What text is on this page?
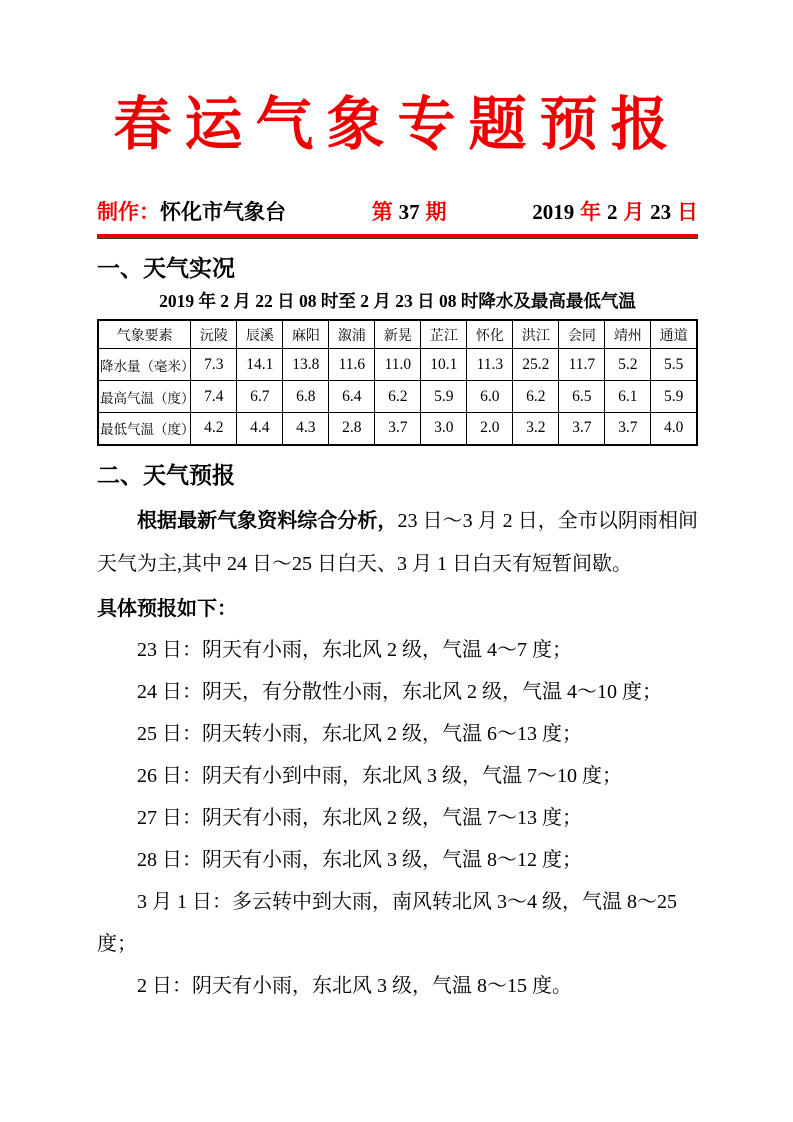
春运气象专题预报
制作：怀化市气象台	第 37 期	2019 年 2 月 23 日
一、天气实况
2019 年 2 月 22 日 08 时至 2 月 23 日 08 时降水及最高最低气温
气象要素	沅陵	辰溪	麻阳	溆浦	新晃	芷江	怀化	洪江	会同	靖州	通道
降水量（毫米）	7.3	14.1	13.8	11.6	11.0	10.1	11.3	25.2	11.7	5.2	5.5
最高气温（度）	7.4	6.7	6.8	6.4	6.2	5.9	6.0	6.2	6.5	6.1	5.9
最低气温（度）	4.2	4.4	4.3	2.8	3.7	3.0	2.0	3.2	3.7	3.7	4.0
二、天气预报

根据最新气象资料综合分析，23 日～3 月 2 日，全市以阴雨相间天气为主,其中 24 日～25 日白天、3 月 1 日白天有短暂间歇。

具体预报如下：

23 日：阴天有小雨，东北风 2 级，气温 4～7 度；

24 日：阴天，有分散性小雨，东北风 2 级，气温 4～10 度；

25 日：阴天转小雨，东北风 2 级，气温 6～13 度；

26 日：阴天有小到中雨，东北风 3 级，气温 7～10 度；

27 日：阴天有小雨，东北风 2 级，气温 7～13 度；

28 日：阴天有小雨，东北风 3 级，气温 8～12 度；

3 月 1 日：多云转中到大雨，南风转北风 3～4 级，气温 8～25 度；

2 日：阴天有小雨，东北风 3 级，气温 8～15 度。
